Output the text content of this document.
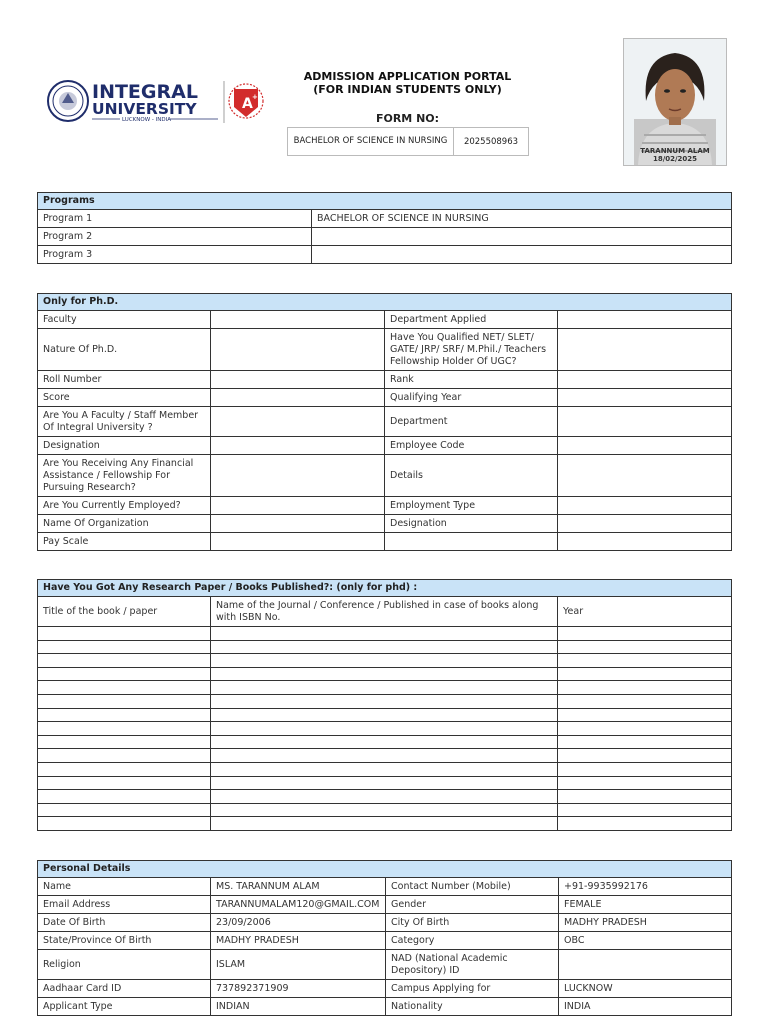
INTEGRAL
UNIVERSITY
LUCKNOW - INDIA
A +
ADMISSION APPLICATION PORTAL
(FOR INDIAN STUDENTS ONLY)
FORM NO:
BACHELOR OF SCIENCE IN NURSING	2025508963
TARANNUM ALAM
18/02/2025
Programs	
Program 1	BACHELOR OF SCIENCE IN NURSING
Program 2	
Program 3	
Only for Ph.D.			
Faculty		Department Applied	
Nature Of Ph.D.		Have You Qualified NET/ SLET/ GATE/ JRP/ SRF/ M.Phil./ Teachers Fellowship Holder Of UGC?	
Roll Number		Rank	
Score		Qualifying Year	
Are You A Faculty / Staff Member Of Integral University ?		Department	
Designation		Employee Code	
Are You Receiving Any Financial Assistance / Fellowship For Pursuing Research?		Details	
Are You Currently Employed?		Employment Type	
Name Of Organization		Designation	
Pay Scale			
Have You Got Any Research Paper / Books Published?: (only for phd) :		
Title of the book / paper	Name of the Journal / Conference / Published in case of books along with ISBN No.	Year

Personal Details			
Name	MS. TARANNUM ALAM	Contact Number (Mobile)	+91-9935992176
Email Address	TARANNUMALAM120@GMAIL.COM	Gender	FEMALE
Date Of Birth	23/09/2006	City Of Birth	MADHY PRADESH
State/Province Of Birth	MADHY PRADESH	Category	OBC
Religion	ISLAM	NAD (National Academic Depository) ID	
Aadhaar Card ID	737892371909	Campus Applying for	LUCKNOW
Applicant Type	INDIAN	Nationality	INDIA
